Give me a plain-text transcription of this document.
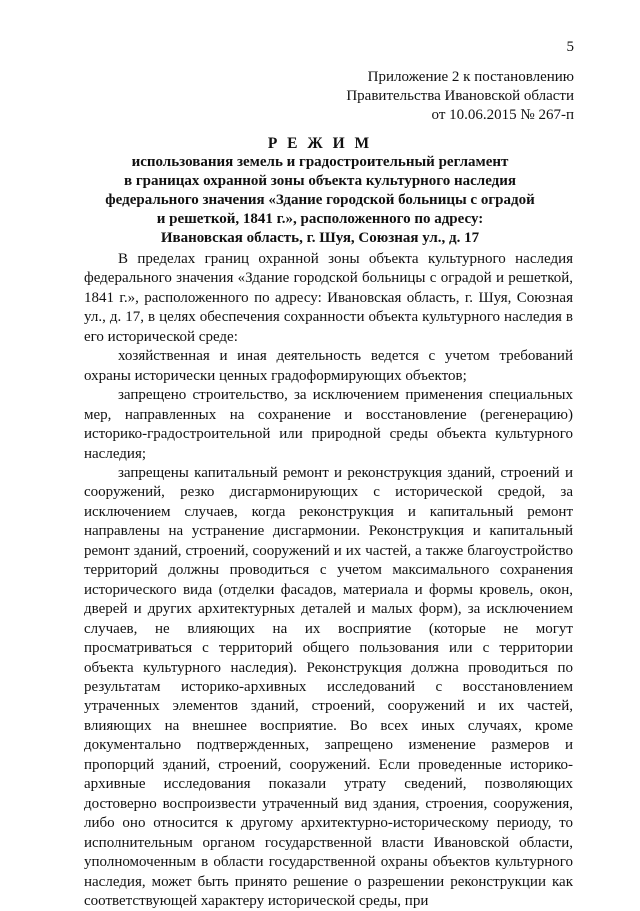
5
Приложение 2 к постановлению
Правительства Ивановской области
от 10.06.2015 № 267-п
Р Е Ж И М
использования земель и градостроительный регламент
в границах охранной зоны объекта культурного наследия
федерального значения «Здание городской больницы с оградой
и решеткой, 1841 г.», расположенного по адресу:
Ивановская область, г. Шуя, Союзная ул., д. 17

В пределах границ охранной зоны объекта культурного наследия федерального значения «Здание городской больницы с оградой и решеткой, 1841 г.», расположенного по адресу: Ивановская область, г. Шуя, Союзная ул., д. 17, в целях обеспечения сохранности объекта культурного наследия в его исторической среде:

хозяйственная и иная деятельность ведется с учетом требований охраны исторически ценных градоформирующих объектов;

запрещено строительство, за исключением применения специальных мер, направленных на сохранение и восстановление (регенерацию) историко-градостроительной или природной среды объекта культурного наследия;

запрещены капитальный ремонт и реконструкция зданий, строений и сооружений, резко дисгармонирующих с исторической средой, за исключением случаев, когда реконструкция и капитальный ремонт направлены на устранение дисгармонии. Реконструкция и капитальный ремонт зданий, строений, сооружений и их частей, а также благоустройство территорий должны проводиться с учетом максимального сохранения исторического вида (отделки фасадов, материала и формы кровель, окон, дверей и других архитектурных деталей и малых форм), за исключением случаев, не влияющих на их восприятие (которые не могут просматриваться с территорий общего пользования или с территории объекта культурного наследия). Реконструкция должна проводиться по результатам историко-архивных исследований с восстановлением утраченных элементов зданий, строений, сооружений и их частей, влияющих на внешнее восприятие. Во всех иных случаях, кроме документально подтвержденных, запрещено изменение размеров и пропорций зданий, строений, сооружений. Если проведенные историко-архивные исследования показали утрату сведений, позволяющих достоверно воспроизвести утраченный вид здания, строения, сооружения, либо оно относится к другому архитектурно-историческому периоду, то исполнительным органом государственной власти Ивановской области, уполномоченным в области государственной охраны объектов культурного наследия, может быть принято решение о разрешении реконструкции как соответствующей характеру исторической среды, при
